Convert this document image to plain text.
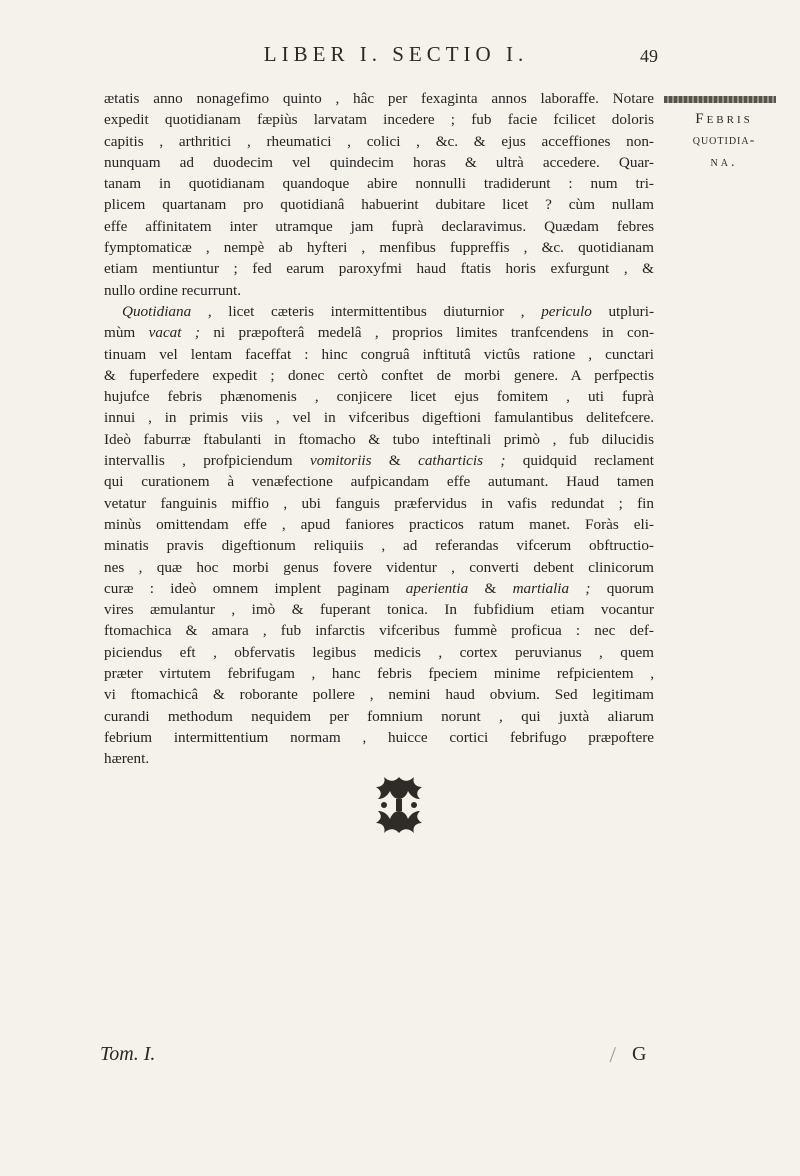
LIBER I. SECTIO I.	49
Febris
quotidia-
na.
ætatis anno nonagefimo quinto , hâc per fexaginta annos laboraffe. Notare
expedit quotidianam fæpiùs larvatam incedere ; fub facie fcilicet doloris
capitis , arthritici , rheumatici , colici , &c. & ejus acceffiones non-
nunquam ad duodecim vel quindecim horas & ultrà accedere. Quar-
tanam in quotidianam quandoque abire nonnulli tradiderunt : num tri-
plicem quartanam pro quotidianâ habuerint dubitare licet ? cùm nullam
effe affinitatem inter utramque jam fuprà declaravimus. Quædam febres
fymptomaticæ , nempè ab hyfteri , menfibus fuppreffis , &c. quotidianam
etiam mentiuntur ; fed earum paroxyfmi haud ftatis horis exfurgunt , &
nullo ordine recurrunt.
Quotidiana , licet cæteris intermittentibus diuturnior , periculo utpluri-
mùm vacat ; ni præpofterâ medelâ , proprios limites tranfcendens in con-
tinuam vel lentam faceffat : hinc congruâ inftitutâ victûs ratione , cunctari
& fuperfedere expedit ; donec certò conftet de morbi genere. A perfpectis
hujufce febris phænomenis , conjicere licet ejus fomitem , uti fuprà
innui , in primis viis , vel in vifceribus digeftioni famulantibus delitefcere.
Ideò faburræ ftabulanti in ftomacho & tubo inteftinali primò , fub dilucidis
intervallis , profpiciendum vomitoriis & catharticis ; quidquid reclament
qui curationem à venæfectione aufpicandam effe autumant. Haud tamen
vetatur fanguinis miffio , ubi fanguis præfervidus in vafis redundat ; fin
minùs omittendam effe , apud faniores practicos ratum manet. Foràs eli-
minatis pravis digeftionum reliquiis , ad referandas vifcerum obftructio-
nes , quæ hoc morbi genus fovere videntur , converti debent clinicorum
curæ : ideò omnem implent paginam aperientia & martialia ; quorum
vires æmulantur , imò & fuperant tonica. In fubfidium etiam vocantur
ftomachica & amara , fub infarctis vifceribus fummè proficua : nec def-
piciendus eft , obfervatis legibus medicis , cortex peruvianus , quem
præter virtutem febrifugam , hanc febris fpeciem minime refpicientem ,
vi ftomachicâ & roborante pollere , nemini haud obvium. Sed legitimam
curandi methodum nequidem per fomnium norunt , qui juxtà aliarum
febrium intermittentium normam , huicce cortici febrifugo præpoftere
hærent.
Tom. I.	G
